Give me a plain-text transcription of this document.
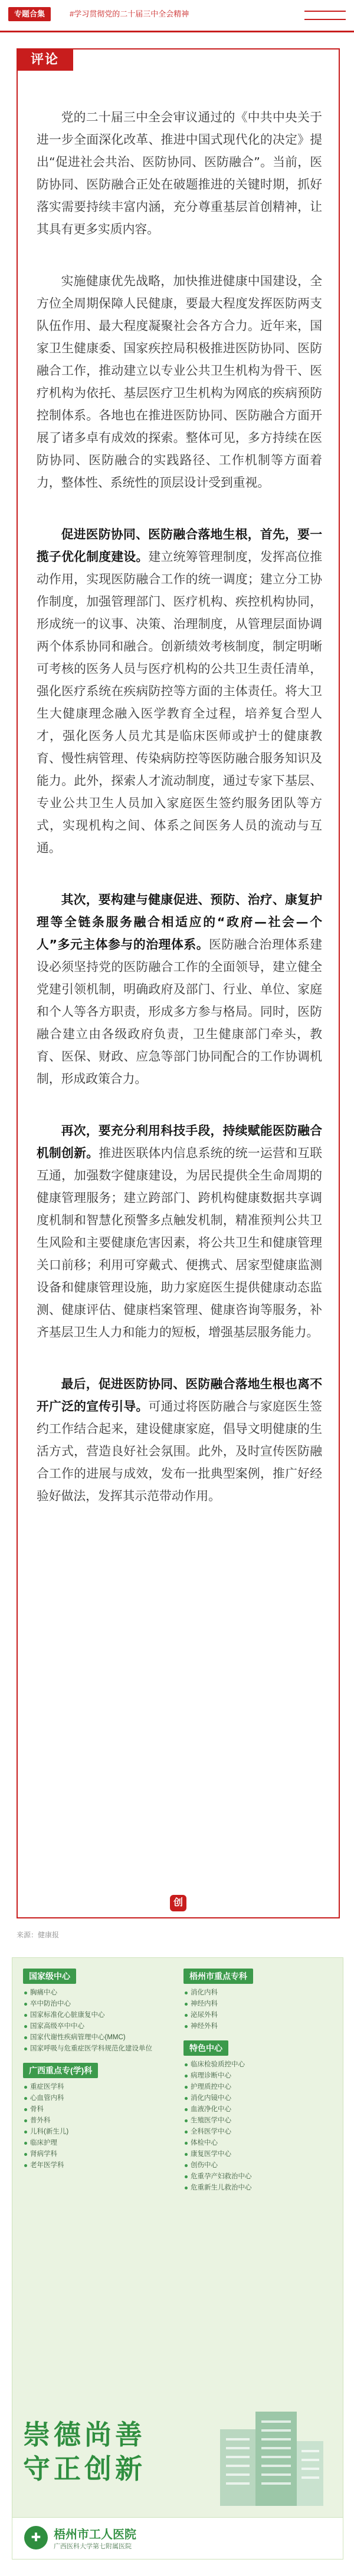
专题合集	#学习贯彻党的二十届三中全会精神
评论

党的二十届三中全会审议通过的《中共中央关于进一步全面深化改革、推进中国式现代化的决定》提出“促进社会共治、医防协同、医防融合”。当前，医防协同、医防融合正处在破题推进的关键时期，抓好落实需要持续丰富内涵，充分尊重基层首创精神，让其具有更多实质内容。

实施健康优先战略，加快推进健康中国建设，全方位全周期保障人民健康，要最大程度发挥医防两支队伍作用、最大程度凝聚社会各方合力。近年来，国家卫生健康委、国家疾控局积极推进医防协同、医防融合工作，推动建立以专业公共卫生机构为骨干、医疗机构为依托、基层医疗卫生机构为网底的疾病预防控制体系。各地也在推进医防协同、医防融合方面开展了诸多卓有成效的探索。整体可见，多方持续在医防协同、医防融合的实践路径、工作机制等方面着力，整体性、系统性的顶层设计受到重视。

促进医防协同、医防融合落地生根，首先，要一揽子优化制度建设。建立统筹管理制度，发挥高位推动作用，实现医防融合工作的统一调度；建立分工协作制度，加强管理部门、医疗机构、疾控机构协同，形成统一的议事、决策、治理制度，从管理层面协调两个体系协同和融合。创新绩效考核制度，制定明晰可考核的医务人员与医疗机构的公共卫生责任清单，强化医疗系统在疾病防控等方面的主体责任。将大卫生大健康理念融入医学教育全过程，培养复合型人才，强化医务人员尤其是临床医师或护士的健康教育、慢性病管理、传染病防控等医防融合服务知识及能力。此外，探索人才流动制度，通过专家下基层、专业公共卫生人员加入家庭医生签约服务团队等方式，实现机构之间、体系之间医务人员的流动与互通。

其次，要构建与健康促进、预防、治疗、康复护理等全链条服务融合相适应的“政府—社会—个人”多元主体参与的治理体系。医防融合治理体系建设必须坚持党的医防融合工作的全面领导，建立健全党建引领机制，明确政府及部门、行业、单位、家庭和个人等各方职责，形成多方参与格局。同时，医防融合建立由各级政府负责，卫生健康部门牵头，教育、医保、财政、应急等部门协同配合的工作协调机制，形成政策合力。

再次，要充分利用科技手段，持续赋能医防融合机制创新。推进医联体内信息系统的统一运营和互联互通，加强数字健康建设，为居民提供全生命周期的健康管理服务；建立跨部门、跨机构健康数据共享调度机制和智慧化预警多点触发机制，精准预判公共卫生风险和主要健康危害因素，将公共卫生和健康管理关口前移；利用可穿戴式、便携式、居家型健康监测设备和健康管理设施，助力家庭医生提供健康动态监测、健康评估、健康档案管理、健康咨询等服务，补齐基层卫生人力和能力的短板，增强基层服务能力。

最后，促进医防协同、医防融合落地生根也离不开广泛的宣传引导。可通过将医防融合与家庭医生签约工作结合起来，建设健康家庭，倡导文明健康的生活方式，营造良好社会氛围。此外，及时宣传医防融合工作的进展与成效，发布一批典型案例，推广好经验好做法，发挥其示范带动作用。

创
来源：健康报
国家级中心
胸痛中心
卒中防治中心
国家标准化心脏康复中心
国家高级卒中中心
国家代谢性疾病管理中心(MMC)
国家呼吸与危重症医学科规范化建设单位
广西重点专(学)科
重症医学科
心血管内科
骨科
普外科
儿科(新生儿)
临床护理
肾病学科
老年医学科
梧州市重点专科
消化内科
神经内科
泌尿外科
神经外科
特色中心
临床检验质控中心
病理诊断中心
护理质控中心
消化内镜中心
血液净化中心
生殖医学中心
全科医学中心
体检中心
康复医学中心
创伤中心
危重孕产妇救治中心
危重新生儿救治中心
崇德尚善
守正创新
✚	梧州市工人医院
广西医科大学第七附属医院
